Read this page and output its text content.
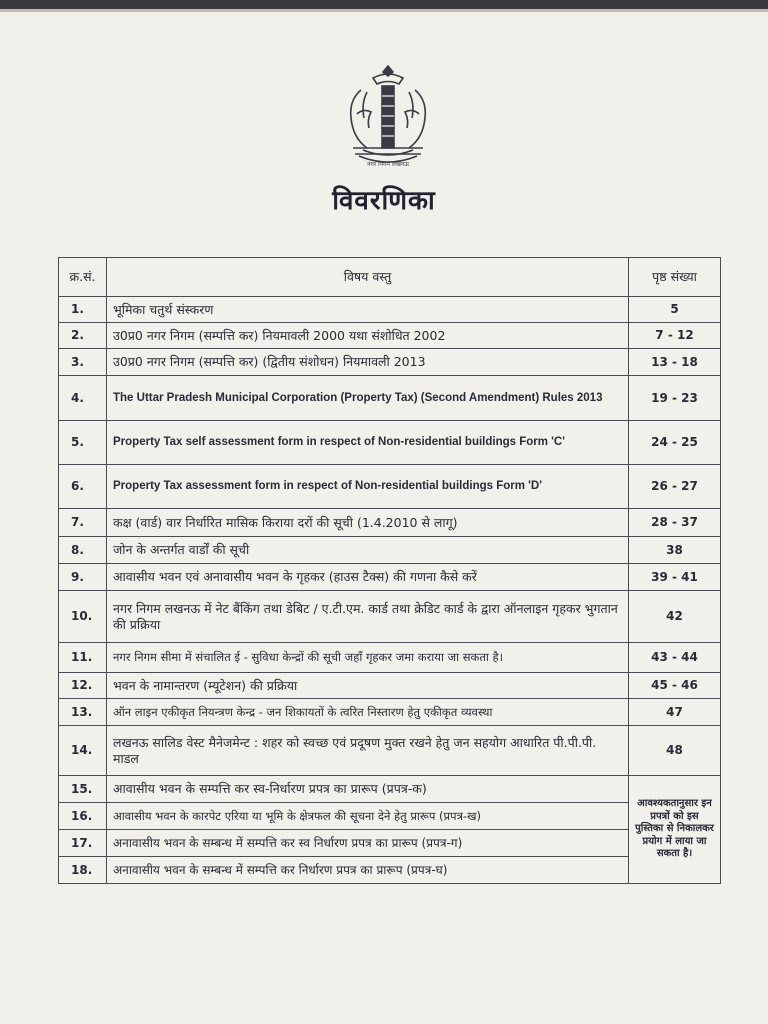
नगर निगम लखनऊ
विवरणिका
क्र.सं.	विषय वस्तु	पृष्ठ संख्या
1.	भूमिका चतुर्थ संस्करण	5
2.	उ0प्र0 नगर निगम (सम्पत्ति कर) नियमावली 2000 यथा संशोधित 2002	7 - 12
3.	उ0प्र0 नगर निगम (सम्पत्ति कर) (द्वितीय संशोधन) नियमावली 2013	13 - 18
4.	The Uttar Pradesh Municipal Corporation (Property Tax) (Second Amendment) Rules 2013	19 - 23
5.	Property Tax self assessment form in respect of Non-residential buildings Form 'C'	24 - 25
6.	Property Tax assessment form in respect of Non-residential buildings Form 'D'	26 - 27
7.	कक्ष (वार्ड) वार निर्धारित मासिक किराया दरों की सूची (1.4.2010 से लागू)	28 - 37
8.	जोन के अन्तर्गत वार्डों की सूची	38
9.	आवासीय भवन एवं अनावासीय भवन के गृहकर (हाउस टैक्स) की गणना कैसे करें	39 - 41
10.	नगर निगम लखनऊ में नेट बैंकिंग तथा डेबिट / ए.टी.एम. कार्ड तथा क्रेडिट कार्ड के द्वारा ऑनलाइन गृहकर भुगतान की प्रक्रिया	42
11.	नगर निगम सीमा में संचालित ई - सुविधा केन्द्रों की सूची जहाँ गृहकर जमा कराया जा सकता है।	43 - 44
12.	भवन के नामान्तरण (म्यूटेशन) की प्रक्रिया	45 - 46
13.	ऑन लाइन एकीकृत नियन्त्रण केन्द्र - जन शिकायतों के त्वरित निस्तारण हेतु एकीकृत व्यवस्था	47
14.	लखनऊ सालिड वेस्ट मैनेजमेन्ट : शहर को स्वच्छ एवं प्रदूषण मुक्त रखने हेतु जन सहयोग आधारित पी.पी.पी. माडल	48
15.	आवासीय भवन के सम्पत्ति कर स्व-निर्धारण प्रपत्र का प्रारूप (प्रपत्र-क)	आवश्यकतानुसार इन प्रपत्रों को इस पुस्तिका से निकालकर प्रयोग में लाया जा सकता है।
16.	आवासीय भवन के कारपेट एरिया या भूमि के क्षेत्रफल की सूचना देने हेतु प्रारूप (प्रपत्र-ख)	
17.	अनावासीय भवन के सम्बन्ध में सम्पत्ति कर स्व निर्धारण प्रपत्र का प्रारूप (प्रपत्र-ग)	
18.	अनावासीय भवन के सम्बन्ध में सम्पत्ति कर निर्धारण प्रपत्र का प्रारूप (प्रपत्र-घ)	
